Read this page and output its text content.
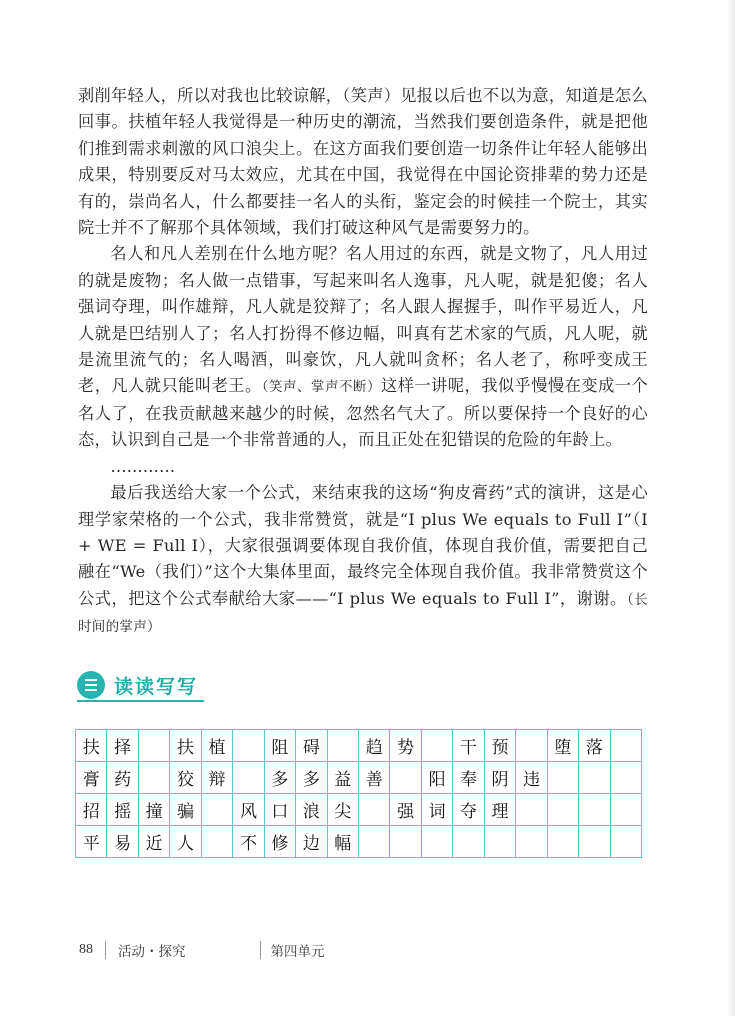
剥削年轻人，所以对我也比较谅解，（笑声）见报以后也不以为意，知道是怎么回事。扶植年轻人我觉得是一种历史的潮流，当然我们要创造条件，就是把他们推到需求刺激的风口浪尖上。在这方面我们要创造一切条件让年轻人能够出成果，特别要反对马太效应，尤其在中国，我觉得在中国论资排辈的势力还是有的，崇尚名人，什么都要挂一名人的头衔，鉴定会的时候挂一个院士，其实院士并不了解那个具体领域，我们打破这种风气是需要努力的。

名人和凡人差别在什么地方呢？名人用过的东西，就是文物了，凡人用过的就是废物；名人做一点错事，写起来叫名人逸事，凡人呢，就是犯傻；名人强词夺理，叫作雄辩，凡人就是狡辩了；名人跟人握握手，叫作平易近人，凡人就是巴结别人了；名人打扮得不修边幅，叫真有艺术家的气质，凡人呢，就是流里流气的；名人喝酒，叫豪饮，凡人就叫贪杯；名人老了，称呼变成王老，凡人就只能叫老王。（笑声、掌声不断）这样一讲呢，我似乎慢慢在变成一个名人了，在我贡献越来越少的时候，忽然名气大了。所以要保持一个良好的心态，认识到自己是一个非常普通的人，而且正处在犯错误的危险的年龄上。

…………

最后我送给大家一个公式，来结束我的这场“狗皮膏药”式的演讲，这是心理学家荣格的一个公式，我非常赞赏，就是“I plus We equals to Full I”（I + WE = Full I），大家很强调要体现自我价值，体现自我价值，需要把自己融在“We（我们）”这个大集体里面，最终完全体现自我价值。我非常赞赏这个公式，把这个公式奉献给大家——“I plus We equals to Full I”，谢谢。（长时间的掌声）

读读写写
扶 择	扶 植	阻 碍	趋 势	干 预	堕 落
膏 药	狡 辩	多 多 益 善	阳 奉 阴 违
招 摇 撞 骗	风 口 浪 尖	强 词 夺 理
平 易 近 人	不 修 边 幅
88 活动・探究	第四单元
